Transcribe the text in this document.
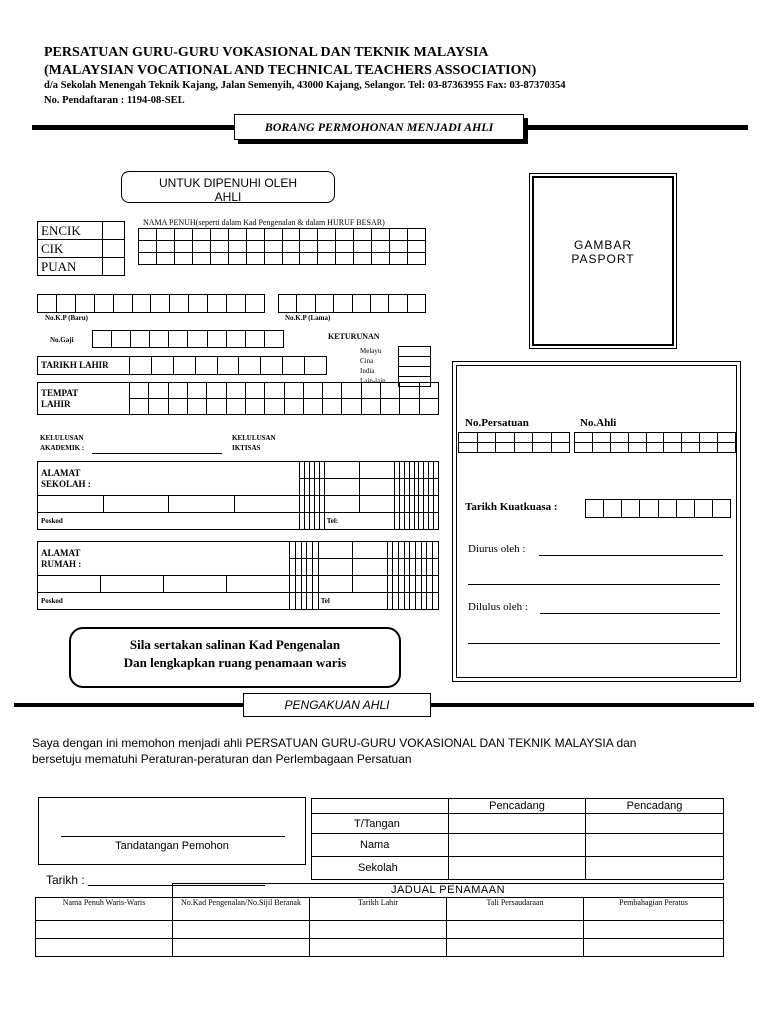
PERSATUAN GURU-GURU VOKASIONAL DAN TEKNIK MALAYSIA
(MALAYSIAN VOCATIONAL AND TECHNICAL TEACHERS ASSOCIATION)
d/a Sekolah Menengah Teknik Kajang, Jalan Semenyih, 43000 Kajang, Selangor. Tel: 03-87363955 Fax: 03-87370354
No. Pendaftaran : 1194-08-SEL
BORANG PERMOHONAN MENJADI AHLI
UNTUK DIPENUHI OLEH AHLI
ENCIK	
CIK	
PUAN	
NAMA PENUH(seperti dalam Kad Pengenalan & dalam HURUF BESAR)

GAMBAR
PASPORT

No.K.P (Baru)
								No.K.P (Lama)
No.Gaji
										KETURUNAN
Melayu
Cina
India
Lain-lain

TARIKH LAHIR

TEMPAT
LAHIR																

KELULUSAN
AKADEMIK :
KELULUSAN
IKTISAS
ALAMAT
SEKOLAH :																			

Poskod									Tel:										
ALAMAT
RUMAH :																			

Poskod									Tel										
Sila sertakan salinan Kad Pengenalan
Dan lengkapkan ruang penamaan waris
No.Persatuan	No.Ahli

Tarikh Kuatkuasa :

Diurus oleh :
Dilulus oleh :
PENGAKUAN AHLI
Saya dengan ini memohon menjadi ahli PERSATUAN GURU-GURU VOKASIONAL DAN TEKNIK MALAYSIA dan
bersetuju mematuhi Peraturan-peraturan dan Perlembagaan Persatuan
Tandatangan Pemohon
Tarikh :
	Pencadang	Pencadang
T/Tangan		
Nama		
Sekolah		
	JADUAL PENAMAAN			
Nama Penuh Waris-Waris	No.Kad Pengenalan/No.Sijil Beranak	Tarikh Lahir	Tali Persaudaraan	Pembahagian Peratus
